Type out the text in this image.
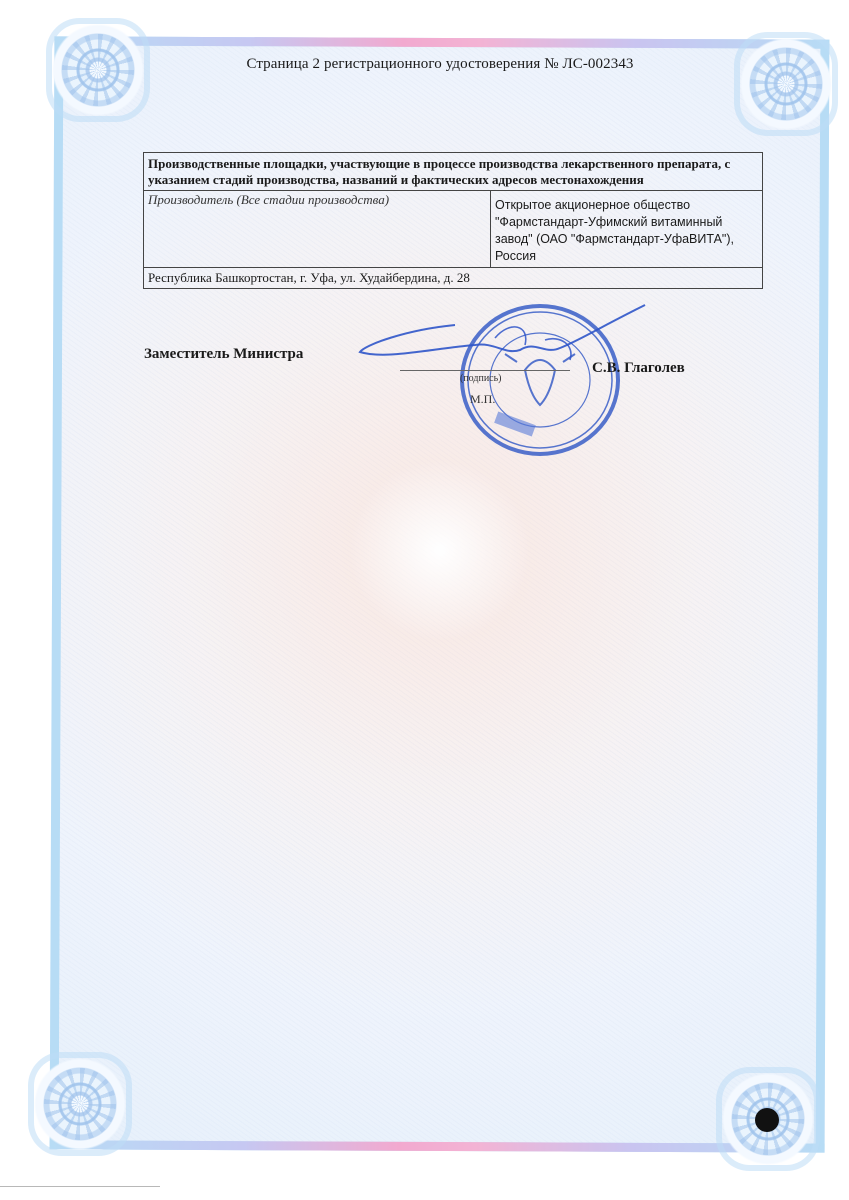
Страница 2 регистрационного удостоверения № ЛС-002343
Производственные площадки, участвующие в процессе производства лекарственного препарата, с указанием стадий производства, названий и фактических адресов местонахождения
Производитель (Все стадии производства)	Открытое акционерное общество "Фармстандарт-Уфимский витаминный завод" (ОАО "Фармстандарт-УфаВИТА"), Россия
Республика Башкортостан, г. Уфа, ул. Худайбердина, д. 28
Заместитель Министра
(подпись)
М.П.
С.В. Глаголев
